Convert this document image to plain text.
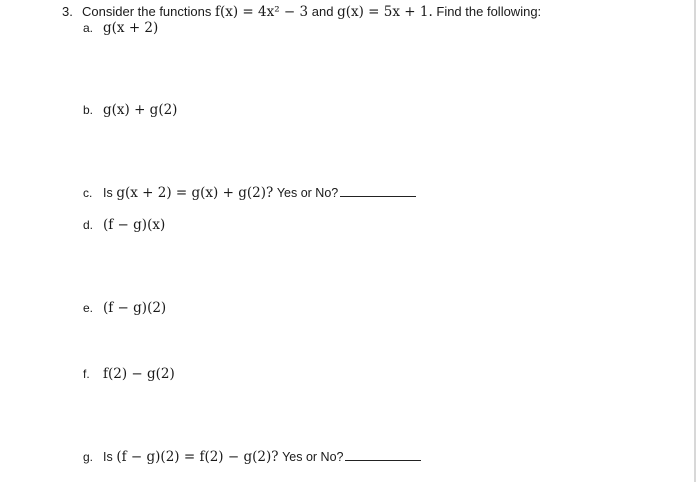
3. Consider the functions f(x) = 4x² − 3 and g(x) = 5x + 1. Find the following:
a. g(x + 2)
b. g(x) + g(2)
c. Is g(x + 2) = g(x) + g(2)? Yes or No?
d. (f − g)(x)
e. (f − g)(2)
f. f(2) − g(2)
g. Is (f − g)(2) = f(2) − g(2)? Yes or No?
